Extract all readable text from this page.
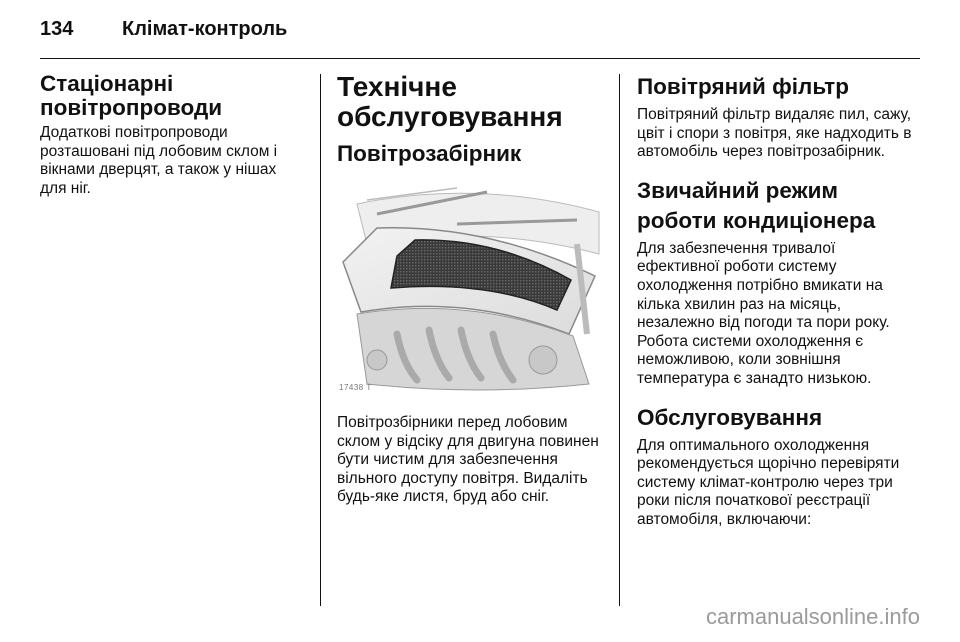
134 Клімат-контроль
Стаціонарні повітропроводи

Додаткові повітропроводи розташовані під лобовим склом і вікнами дверцят, а також у нішах для ніг.

Технічне обслуговування
Повітрозабірник
17438 T

Повітрозбірники перед лобовим склом у відсіку для двигуна повинен бути чистим для забезпечення вільного доступу повітря. Видаліть будь-яке листя, бруд або сніг.

Повітряний фільтр

Повітряний фільтр видаляє пил, сажу, цвіт і спори з повітря, яке надходить в автомобіль через повітрозабірник.

Звичайний режим роботи кондиціонера

Для забезпечення тривалої ефективної роботи систему охолодження потрібно вмикати на кілька хвилин раз на місяць, незалежно від погоди та пори року. Робота системи охолодження є неможливою, коли зовнішня температура є занадто низькою.

Обслуговування

Для оптимального охолодження рекомендується щорічно перевіряти систему клімат-контролю через три роки після початкової реєстрації автомобіля, включаючи:

carmanualsonline.info
